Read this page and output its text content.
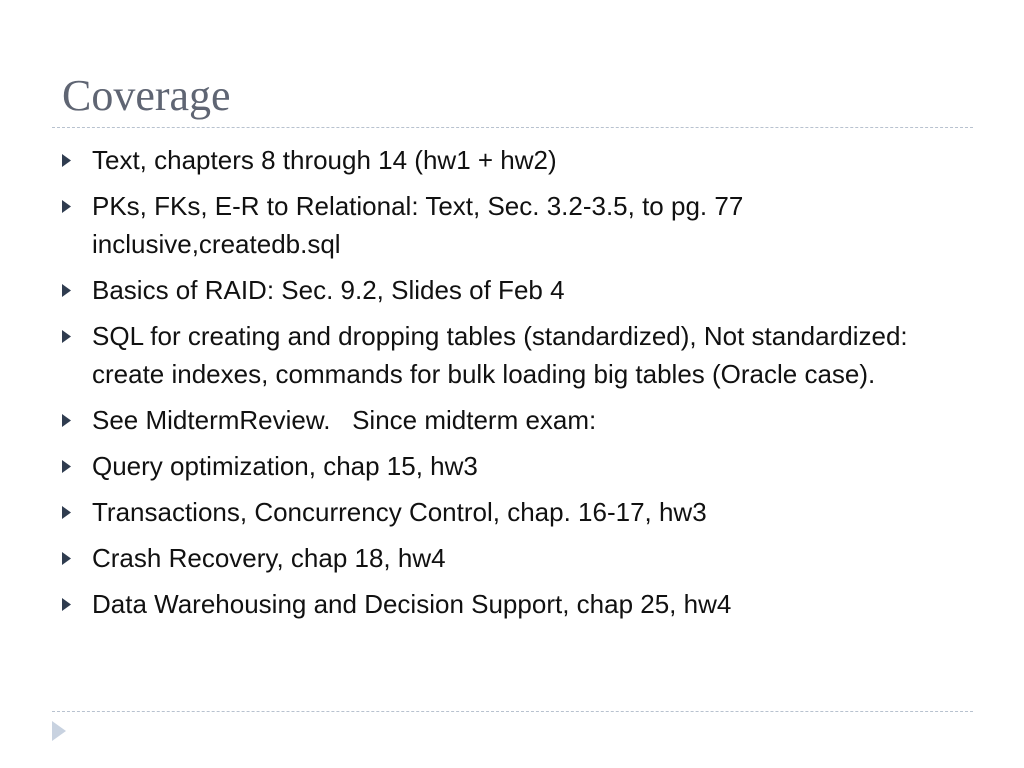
Coverage
Text, chapters 8 through 14 (hw1 + hw2)
PKs, FKs, E-R to Relational: Text, Sec. 3.2-3.5, to pg. 77 inclusive,createdb.sql
Basics of RAID: Sec. 9.2, Slides of Feb 4
SQL for creating and dropping tables (standardized), Not standardized: create indexes, commands for bulk loading big tables (Oracle case).
See MidtermReview.   Since midterm exam:
Query optimization, chap 15, hw3
Transactions, Concurrency Control, chap. 16-17, hw3
Crash Recovery, chap 18, hw4
Data Warehousing and Decision Support, chap 25, hw4
